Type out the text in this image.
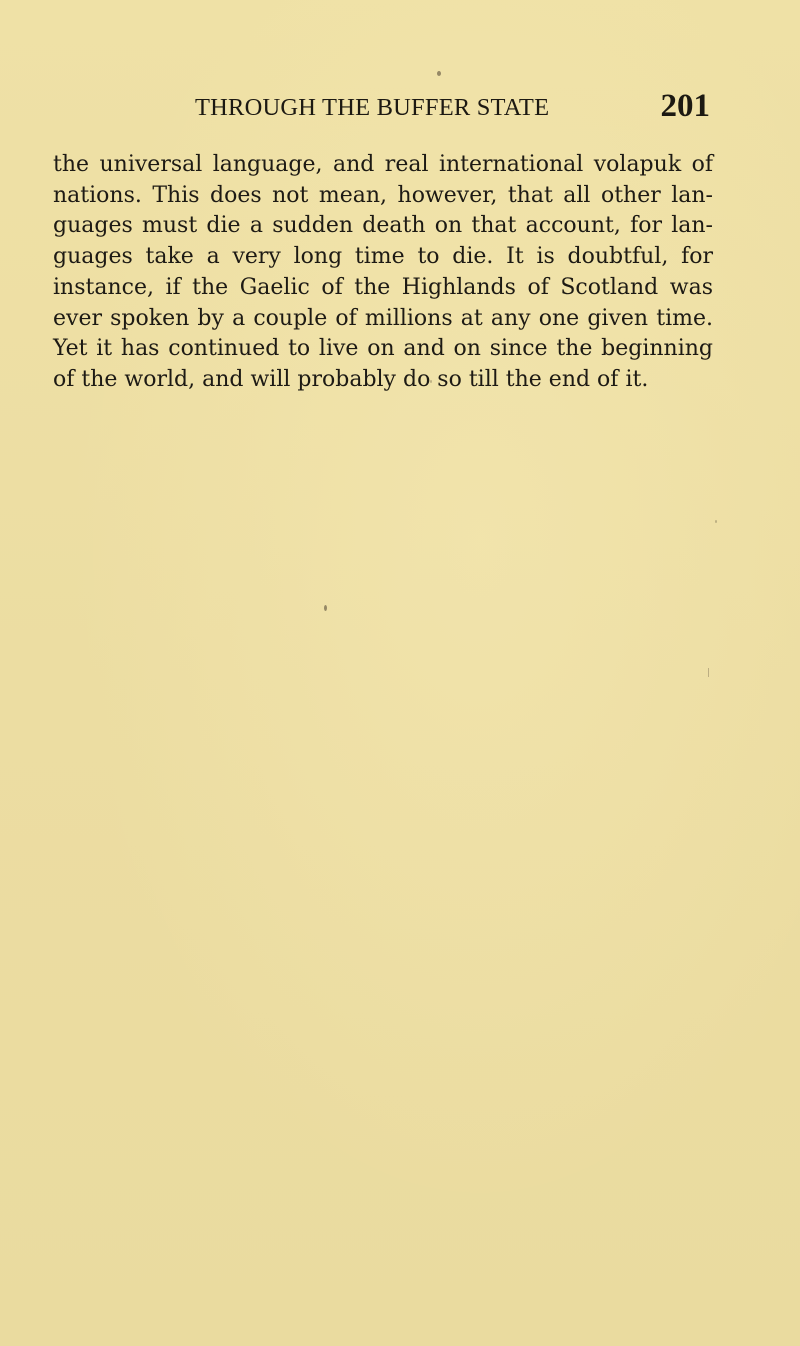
THROUGH THE BUFFER STATE	201
the universal language, and real international volapuk of
nations. This does not mean, however, that all other lan-
guages must die a sudden death on that account, for lan-
guages take a very long time to die. It is doubtful, for
instance, if the Gaelic of the Highlands of Scotland was
ever spoken by a couple of millions at any one given time.
Yet it has continued to live on and on since the beginning
of the world, and will probably do so till the end of it.
